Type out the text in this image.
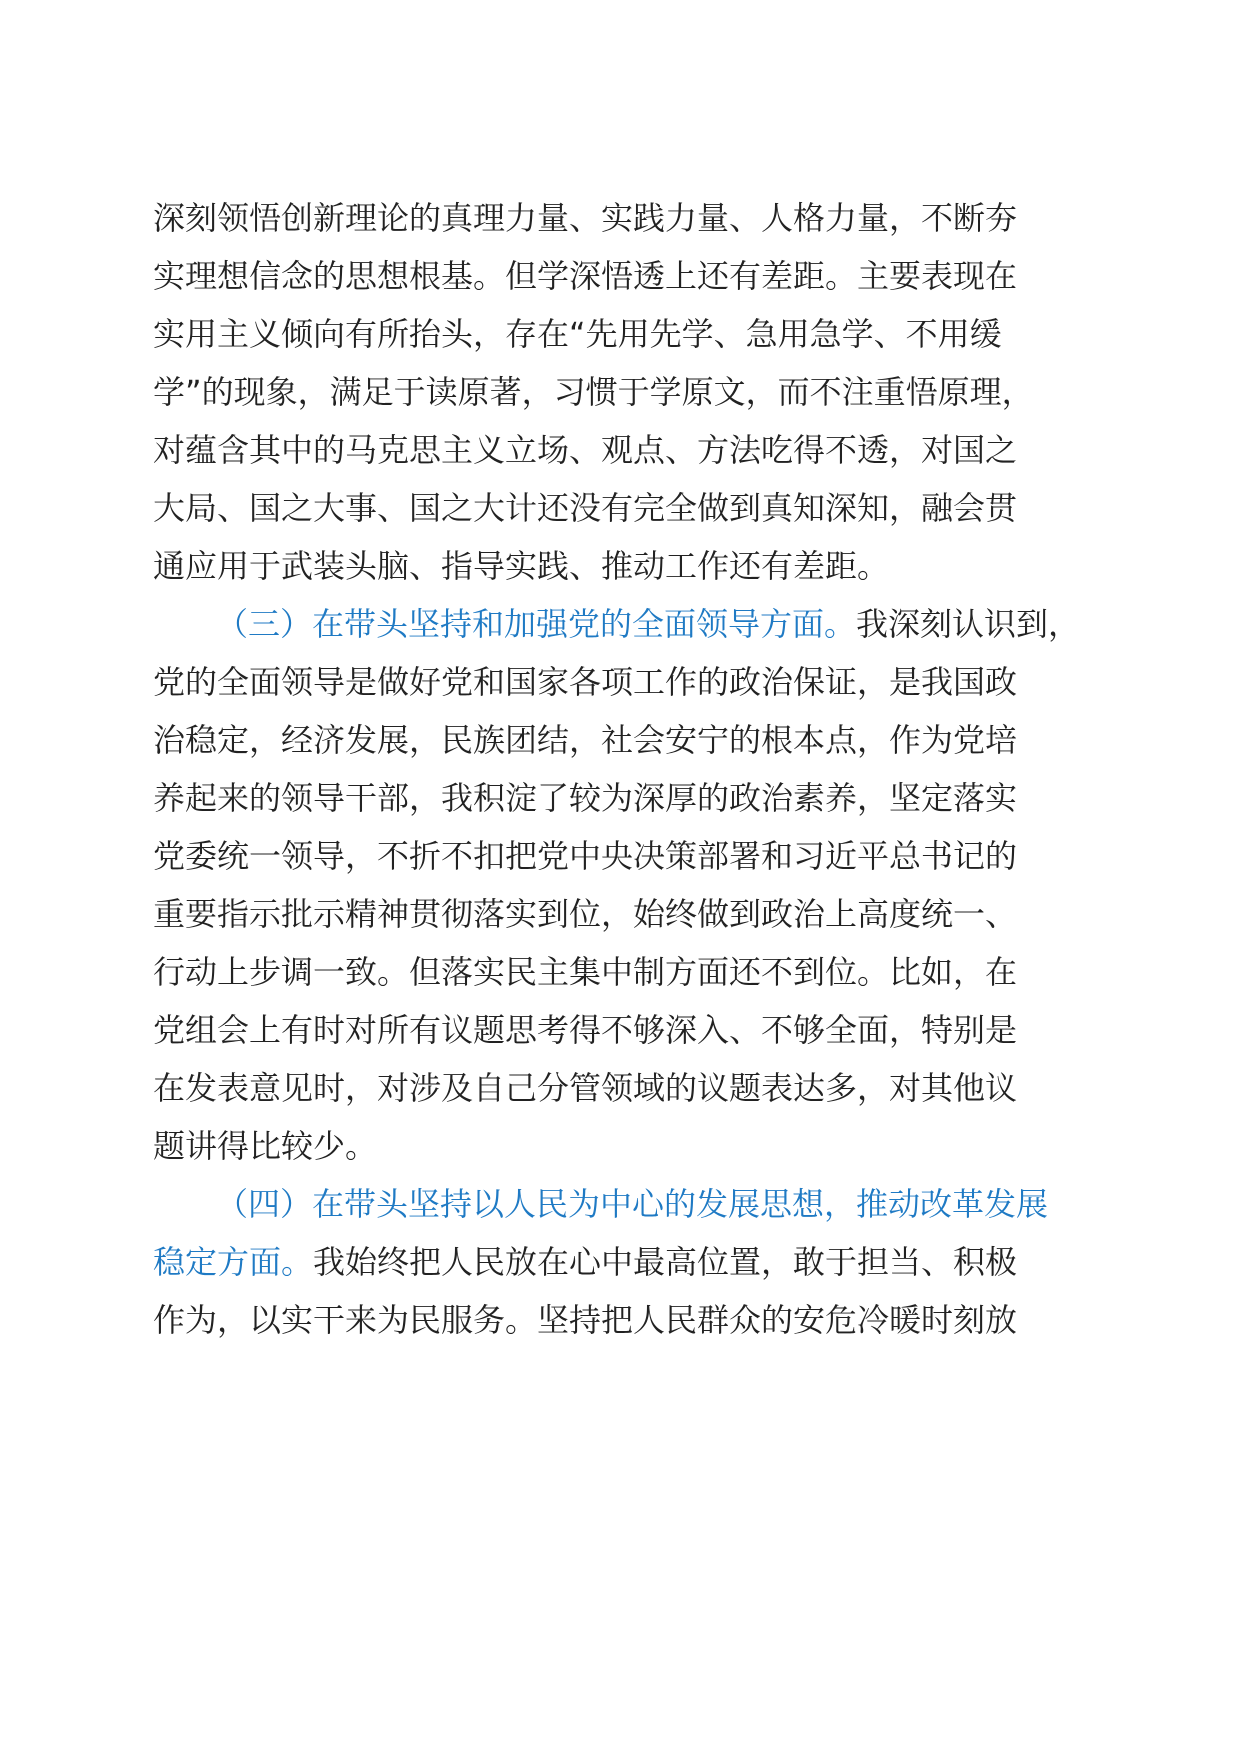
深刻领悟创新理论的真理力量、实践力量、人格力量，不断夯
实理想信念的思想根基。但学深悟透上还有差距。主要表现在
实用主义倾向有所抬头，存在“先用先学、急用急学、不用缓
学”的现象，满足于读原著，习惯于学原文，而不注重悟原理，
对蕴含其中的马克思主义立场、观点、方法吃得不透，对国之
大局、国之大事、国之大计还没有完全做到真知深知，融会贯
通应用于武装头脑、指导实践、推动工作还有差距。
（三）在带头坚持和加强党的全面领导方面。我深刻认识到，
党的全面领导是做好党和国家各项工作的政治保证，是我国政
治稳定，经济发展，民族团结，社会安宁的根本点，作为党培
养起来的领导干部，我积淀了较为深厚的政治素养，坚定落实
党委统一领导，不折不扣把党中央决策部署和习近平总书记的
重要指示批示精神贯彻落实到位，始终做到政治上高度统一、
行动上步调一致。但落实民主集中制方面还不到位。比如，在
党组会上有时对所有议题思考得不够深入、不够全面，特别是
在发表意见时，对涉及自己分管领域的议题表达多，对其他议
题讲得比较少。
（四）在带头坚持以人民为中心的发展思想，推动改革发展
稳定方面。我始终把人民放在心中最高位置，敢于担当、积极
作为，以实干来为民服务。坚持把人民群众的安危冷暖时刻放
